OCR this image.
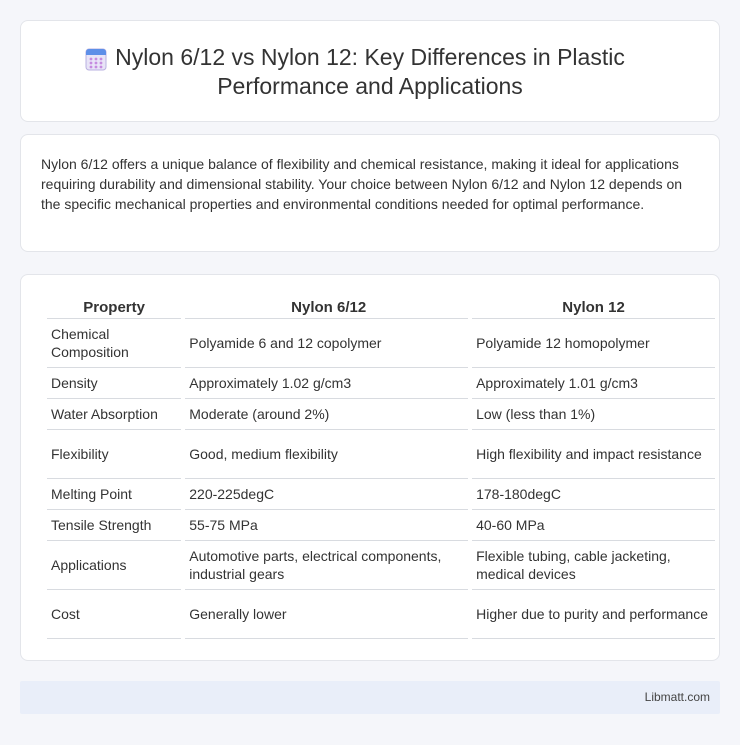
Nylon 6/12 vs Nylon 12: Key Differences in Plastic Performance and Applications

Nylon 6/12 offers a unique balance of flexibility and chemical resistance, making it ideal for applications requiring durability and dimensional stability. Your choice between Nylon 6/12 and Nylon 12 depends on the specific mechanical properties and environmental conditions needed for optimal performance.

Property	Nylon 6/12	Nylon 12
Chemical Composition	Polyamide 6 and 12 copolymer	Polyamide 12 homopolymer
Density	Approximately 1.02 g/cm3	Approximately 1.01 g/cm3
Water Absorption	Moderate (around 2%)	Low (less than 1%)
Flexibility	Good, medium flexibility	High flexibility and impact resistance
Melting Point	220-225degC	178-180degC
Tensile Strength	55-75 MPa	40-60 MPa
Applications	Automotive parts, electrical components, industrial gears	Flexible tubing, cable jacketing, medical devices
Cost	Generally lower	Higher due to purity and performance
Libmatt.com
